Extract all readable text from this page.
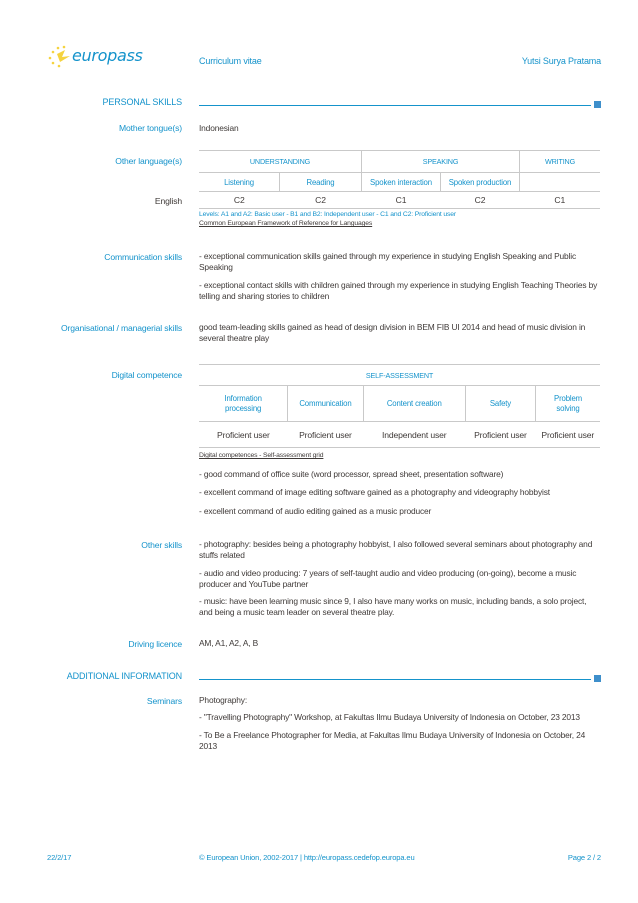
europass	Curriculum vitae	Yutsi Surya Pratama
PERSONAL SKILLS
Mother tongue(s) Indonesian
Other language(s)	UNDERSTANDING		SPEAKING		WRITING
Listening	Reading	Spoken interaction	Spoken production	
C2	C2	C1	C2	C1
English
Levels: A1 and A2: Basic user - B1 and B2: Independent user - C1 and C2: Proficient user
Common European Framework of Reference for Languages
Communication skills - exceptional communication skills gained through my experience in studying English Speaking and Public Speaking

- exceptional contact skills with children gained through my experience in studying English Teaching Theories by telling and sharing stories to children

Organisational / managerial skills good team-leading skills gained as head of design division in BEM FIB UI 2014 and head of music division in several theatre play
Digital competence	SELF-ASSESSMENT				
Information processing	Communication	Content creation	Safety	Problem solving
Proficient user	Proficient user	Independent user	Proficient user	Proficient user
Digital competences - Self-assessment grid

- good command of office suite (word processor, spread sheet, presentation software)

- excellent command of image editing software gained as a photography and videography hobbyist

- excellent command of audio editing gained as a music producer

Other skills - photography: besides being a photography hobbyist, I also followed several seminars about photography and stuffs related

- audio and video producing: 7 years of self-taught audio and video producing (on-going), become a music producer and YouTube partner

- music: have been learning music since 9, I also have many works on music, including bands, a solo project, and being a music team leader on several theatre play.

Driving licence AM, A1, A2, A, B
ADDITIONAL INFORMATION
Seminars Photography:

- "Travelling Photography" Workshop, at Fakultas Ilmu Budaya University of Indonesia on October, 23 2013

- To Be a Freelance Photographer for Media, at Fakultas Ilmu Budaya University of Indonesia on October, 24 2013

22/2/17	© European Union, 2002-2017 | http://europass.cedefop.europa.eu	Page 2 / 2
